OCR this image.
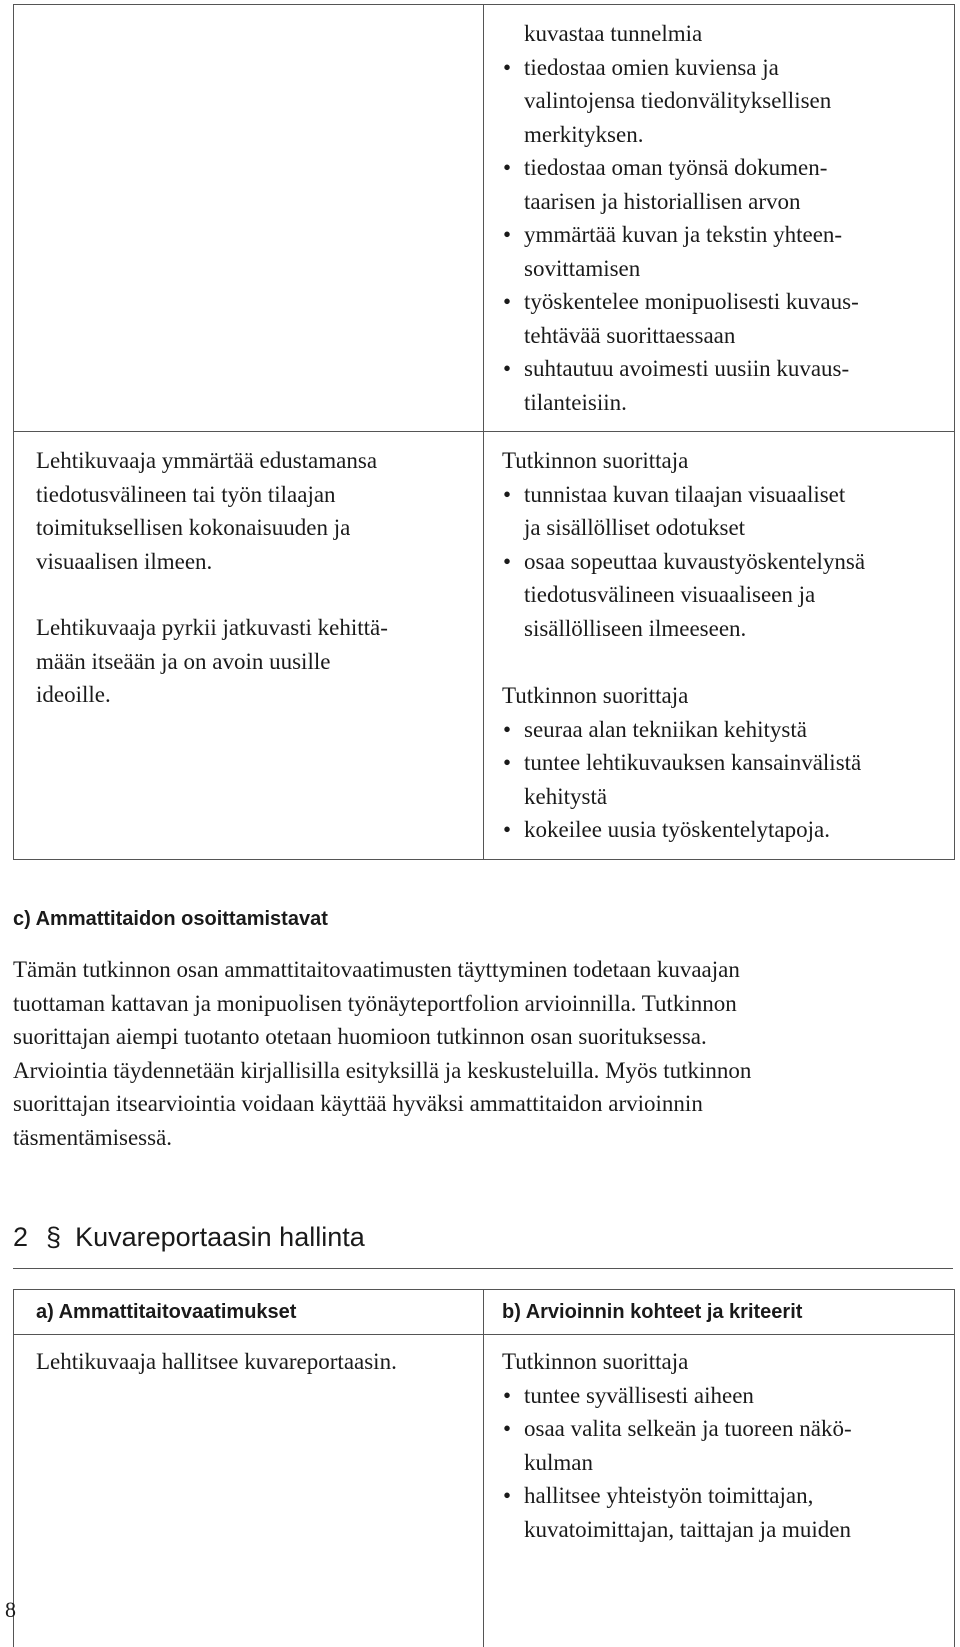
kuvastaa tunnelmia
• tiedostaa omien kuviensa ja
valintojensa tiedonvälityksellisen
merkityksen.
• tiedostaa oman työnsä dokumen-
taarisen ja historiallisen arvon
• ymmärtää kuvan ja tekstin yhteen-
sovittamisen
• työskentelee monipuolisesti kuvaus-
tehtävää suorittaessaan
• suhtautuu avoimesti uusiin kuvaus-
tilanteisiin.
Lehtikuvaaja ymmärtää edustamansa
tiedotusvälineen tai työn tilaajan
toimituksellisen kokonaisuuden ja
visuaalisen ilmeen.
Lehtikuvaaja pyrkii jatkuvasti kehittä-
mään itseään ja on avoin uusille
ideoille.

Tutkinnon suorittaja

• tunnistaa kuvan tilaajan visuaaliset
ja sisällölliset odotukset
• osaa sopeuttaa kuvaustyöskentelynsä
tiedotusvälineen visuaaliseen ja
sisällölliseen ilmeeseen.

Tutkinnon suorittaja

• seuraa alan tekniikan kehitystä
• tuntee lehtikuvauksen kansainvälistä
kehitystä
• kokeilee uusia työskentelytapoja.

c) Ammattitaidon osoittamistavat

Tämän tutkinnon osan ammattitaitovaatimusten täyttyminen todetaan kuvaajan
tuottaman kattavan ja monipuolisen työnäyteportfolion arvioinnilla. Tutkinnon
suorittajan aiempi tuotanto otetaan huomioon tutkinnon osan suorituksessa.
Arviointia täydennetään kirjallisilla esityksillä ja keskusteluilla. Myös tutkinnon
suorittajan itsearviointia voidaan käyttää hyväksi ammattitaidon arvioinnin
täsmentämisessä.
2 § Kuvareportaasin hallinta

a) Ammattitaitovaatimukset	b) Arvioinnin kohteet ja kriteerit

Lehtikuvaaja hallitsee kuvareportaasin.	Tutkinnon suorittaja

• tuntee syvällisesti aiheen
• osaa valita selkeän ja tuoreen näkö-
kulman
• hallitsee yhteistyön toimittajan,
kuvatoimittajan, taittajan ja muiden

8
